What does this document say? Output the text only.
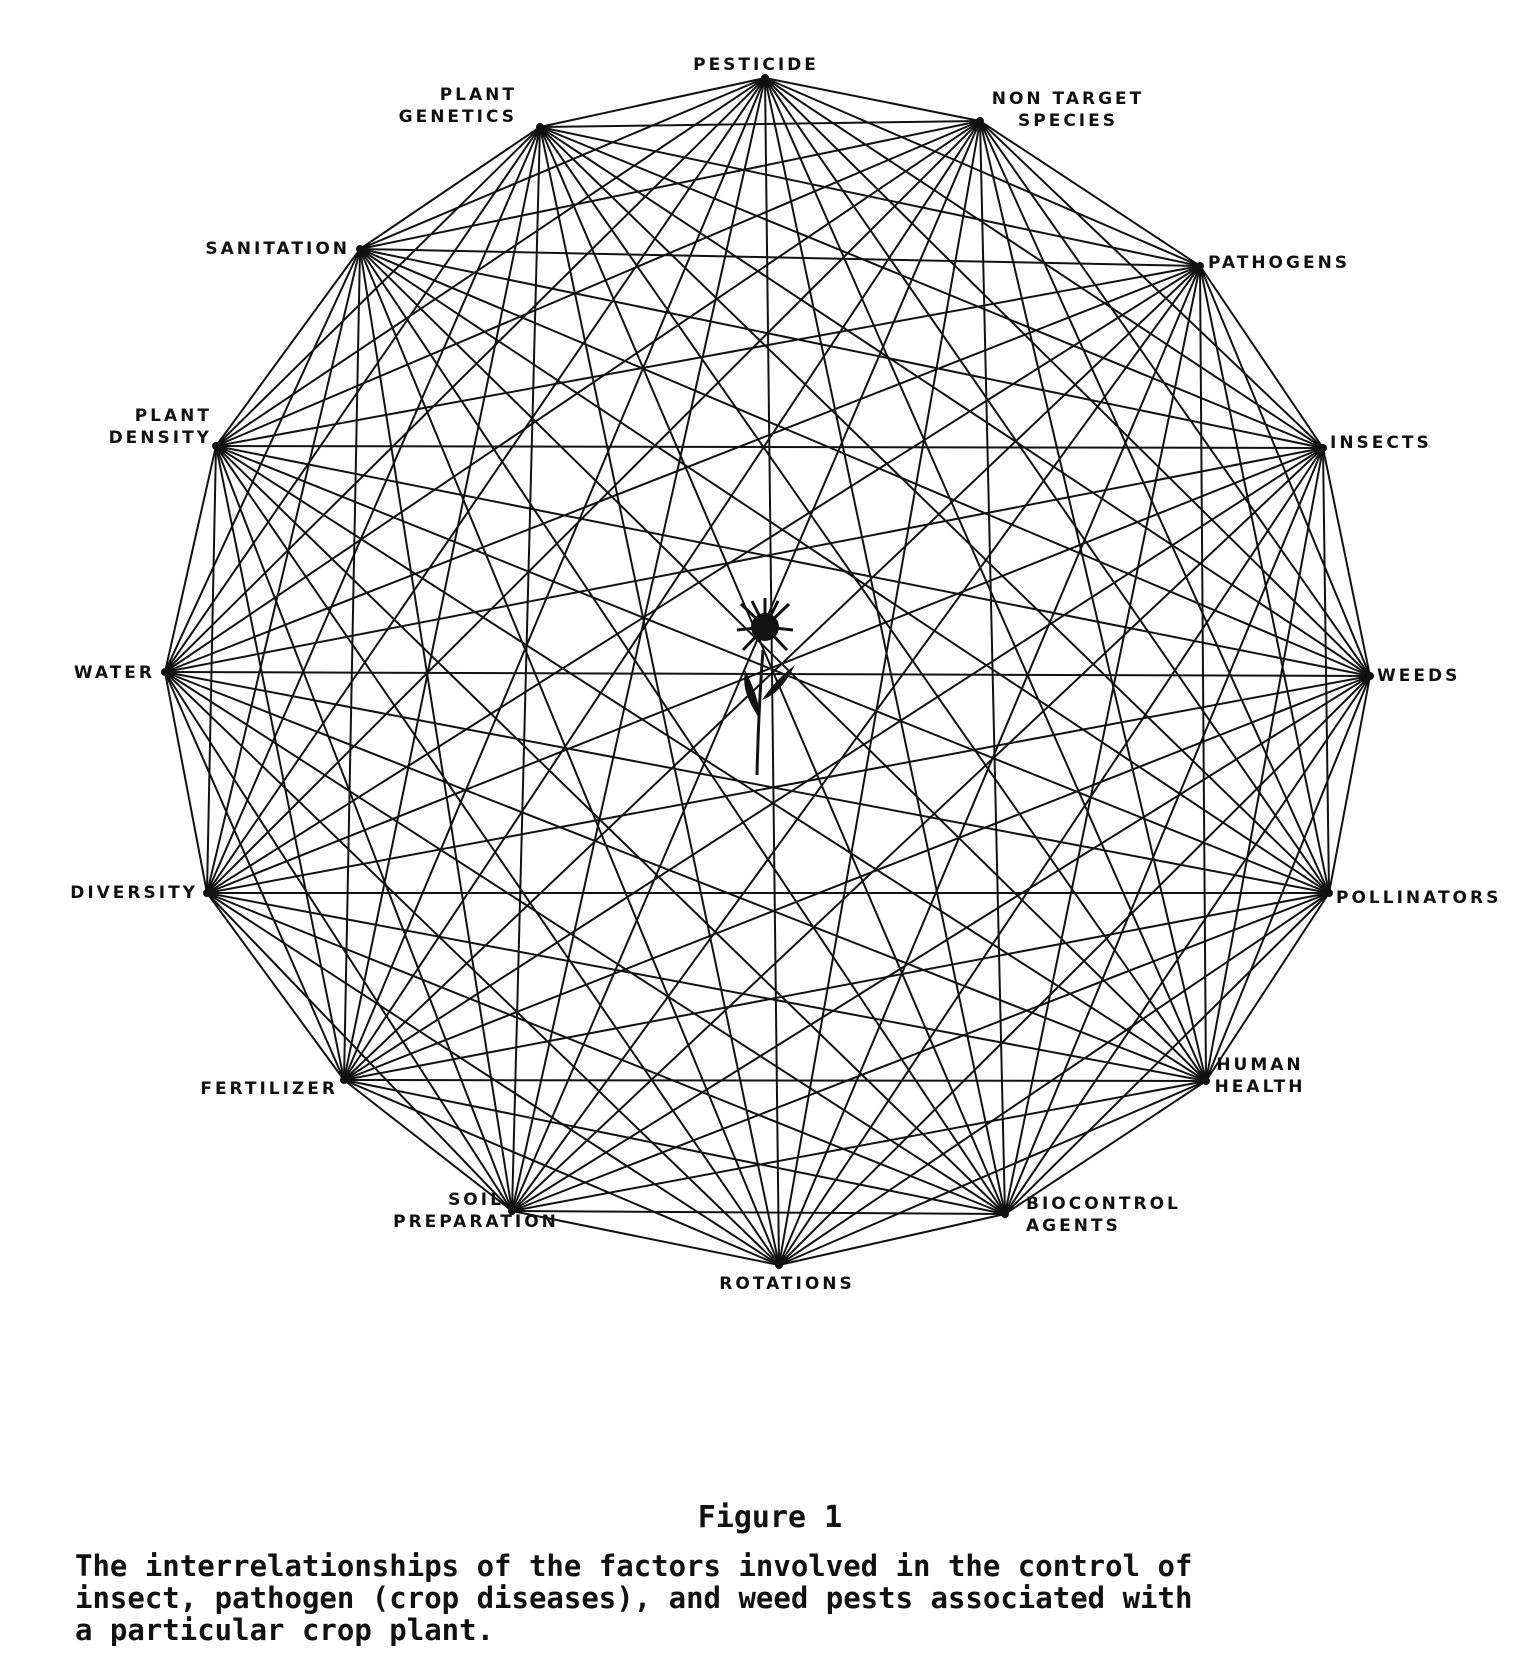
PESTICIDE
NON TARGET SPECIES
PATHOGENS
INSECTS
WEEDS
POLLINATORS
HUMAN HEALTH
BIOCONTROL AGENTS
ROTATIONS
SOIL PREPARATION
FERTILIZER
DIVERSITY
WATER
PLANT DENSITY
SANITATION
PLANT GENETICS
Figure 1
The interrelationships of the factors involved in the control of
insect, pathogen (crop diseases), and weed pests associated with
a particular crop plant.
